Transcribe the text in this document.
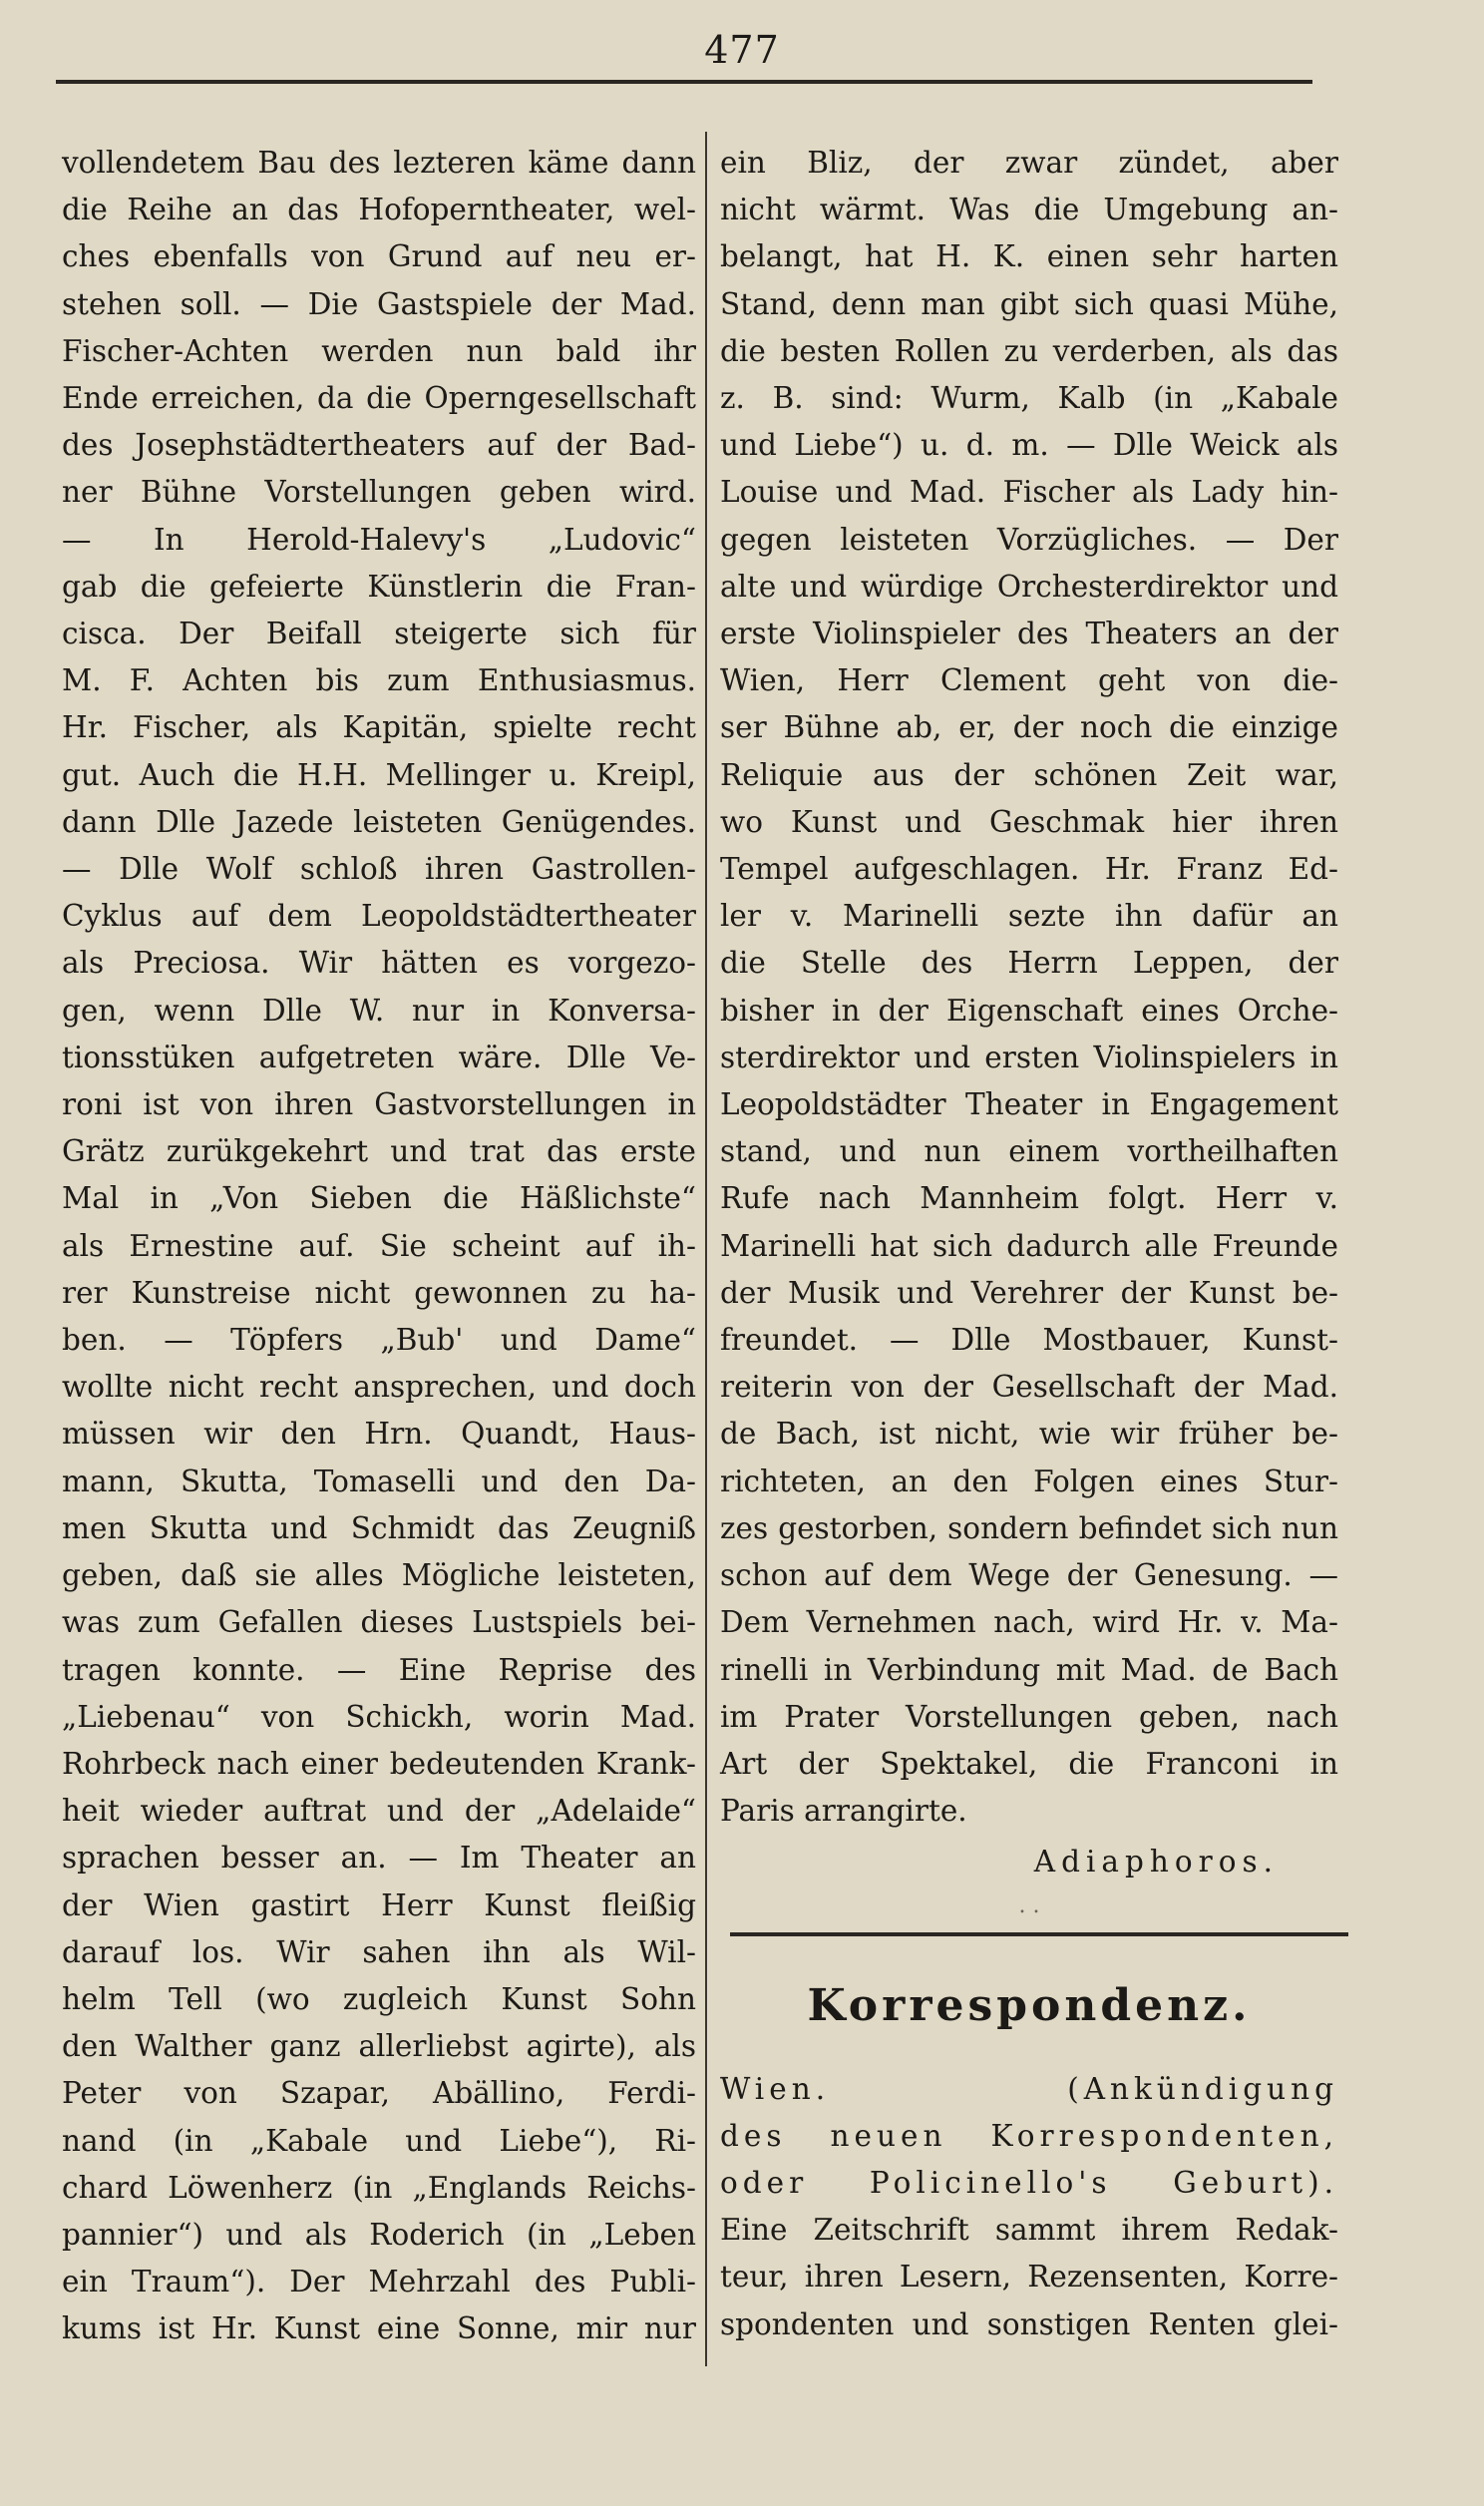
477
vollendetem Bau des lezteren käme dann
die Reihe an das Hofoperntheater, wel-
ches ebenfalls von Grund auf neu er-
stehen soll. — Die Gastspiele der Mad.
Fischer-Achten werden nun bald ihr
Ende erreichen, da die Operngesellschaft
des Josephstädtertheaters auf der Bad-
ner Bühne Vorstellungen geben wird.
— In Herold-Halevy's „Ludovic“
gab die gefeierte Künstlerin die Fran-
cisca. Der Beifall steigerte sich für
M. F. Achten bis zum Enthusiasmus.
Hr. Fischer, als Kapitän, spielte recht
gut. Auch die H.H. Mellinger u. Kreipl,
dann Dlle Jazede leisteten Genügendes.
— Dlle Wolf schloß ihren Gastrollen-
Cyklus auf dem Leopoldstädtertheater
als Preciosa. Wir hätten es vorgezo-
gen, wenn Dlle W. nur in Konversa-
tionsstüken aufgetreten wäre. Dlle Ve-
roni ist von ihren Gastvorstellungen in
Grätz zurükgekehrt und trat das erste
Mal in „Von Sieben die Häßlichste“
als Ernestine auf. Sie scheint auf ih-
rer Kunstreise nicht gewonnen zu ha-
ben. — Töpfers „Bub' und Dame“
wollte nicht recht ansprechen, und doch
müssen wir den Hrn. Quandt, Haus-
mann, Skutta, Tomaselli und den Da-
men Skutta und Schmidt das Zeugniß
geben, daß sie alles Mögliche leisteten,
was zum Gefallen dieses Lustspiels bei-
tragen konnte. — Eine Reprise des
„Liebenau“ von Schickh, worin Mad.
Rohrbeck nach einer bedeutenden Krank-
heit wieder auftrat und der „Adelaide“
sprachen besser an. — Im Theater an
der Wien gastirt Herr Kunst fleißig
darauf los. Wir sahen ihn als Wil-
helm Tell (wo zugleich Kunst Sohn
den Walther ganz allerliebst agirte), als
Peter von Szapar, Abällino, Ferdi-
nand (in „Kabale und Liebe“), Ri-
chard Löwenherz (in „Englands Reichs-
pannier“) und als Roderich (in „Leben
ein Traum“). Der Mehrzahl des Publi-
kums ist Hr. Kunst eine Sonne, mir nur
ein Bliz, der zwar zündet, aber
nicht wärmt. Was die Umgebung an-
belangt, hat H. K. einen sehr harten
Stand, denn man gibt sich quasi Mühe,
die besten Rollen zu verderben, als das
z. B. sind: Wurm, Kalb (in „Kabale
und Liebe“) u. d. m. — Dlle Weick als
Louise und Mad. Fischer als Lady hin-
gegen leisteten Vorzügliches. — Der
alte und würdige Orchesterdirektor und
erste Violinspieler des Theaters an der
Wien, Herr Clement geht von die-
ser Bühne ab, er, der noch die einzige
Reliquie aus der schönen Zeit war,
wo Kunst und Geschmak hier ihren
Tempel aufgeschlagen. Hr. Franz Ed-
ler v. Marinelli sezte ihn dafür an
die Stelle des Herrn Leppen, der
bisher in der Eigenschaft eines Orche-
sterdirektor und ersten Violinspielers in
Leopoldstädter Theater in Engagement
stand, und nun einem vortheilhaften
Rufe nach Mannheim folgt. Herr v.
Marinelli hat sich dadurch alle Freunde
der Musik und Verehrer der Kunst be-
freundet. — Dlle Mostbauer, Kunst-
reiterin von der Gesellschaft der Mad.
de Bach, ist nicht, wie wir früher be-
richteten, an den Folgen eines Stur-
zes gestorben, sondern befindet sich nun
schon auf dem Wege der Genesung. —
Dem Vernehmen nach, wird Hr. v. Ma-
rinelli in Verbindung mit Mad. de Bach
im Prater Vorstellungen geben, nach
Art der Spektakel, die Franconi in
Paris arrangirte.
Adiaphoros.
. .
Korrespondenz.
Wien. (Ankündigung
des neuen Korrespondenten,
oder Policinello's Geburt).
Eine Zeitschrift sammt ihrem Redak-
teur, ihren Lesern, Rezensenten, Korre-
spondenten und sonstigen Renten glei-
